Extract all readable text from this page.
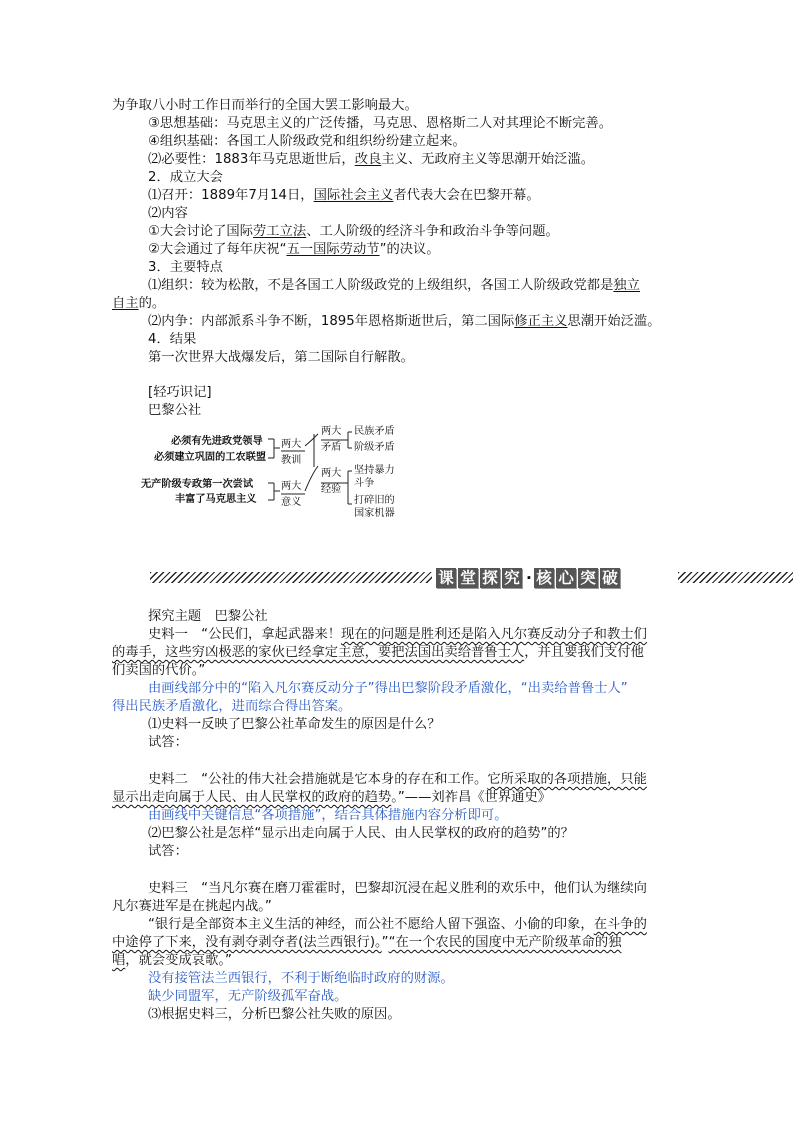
为争取八小时工作日而举行的全国大罢工影响最大。
③思想基础：马克思主义的广泛传播，马克思、恩格斯二人对其理论不断完善。
④组织基础：各国工人阶级政党和组织纷纷建立起来。
⑵必要性：1883年马克思逝世后，改良主义、无政府主义等思潮开始泛滥。
2．成立大会
⑴召开：1889年7月14日，国际社会主义者代表大会在巴黎开幕。
⑵内容
①大会讨论了国际劳工立法、工人阶级的经济斗争和政治斗争等问题。
②大会通过了每年庆祝“五一国际劳动节”的决议。
3．主要特点
⑴组织：较为松散，不是各国工人阶级政党的上级组织，各国工人阶级政党都是独立
自主的。
⑵内争：内部派系斗争不断，1895年恩格斯逝世后，第二国际修正主义思潮开始泛滥。
4．结果
第一次世界大战爆发后，第二国际自行解散。
[轻巧识记]
巴黎公社
必须有先进政党领导
必须建立巩固的工农联盟
无产阶级专政第一次尝试
丰富了马克思主义
两大
教训
两大
意义
两大
矛盾
两大
经验
民族矛盾
阶级矛盾
坚持暴力
斗争
打碎旧的
国家机器
课 堂 探 究 · 核 心 突 破
探究主题　巴黎公社
史料一　“公民们，拿起武器来！现在的问题是胜利还是陷入凡尔赛反动分子和教士们
的毒手，这些穷凶极恶的家伙已经拿定主意，要把法国出卖给普鲁士人，并且要我们支付他
们卖国的代价。”
由画线部分中的“陷入凡尔赛反动分子”得出巴黎阶段矛盾激化，“出卖给普鲁士人”
得出民族矛盾激化，进而综合得出答案。
⑴史料一反映了巴黎公社革命发生的原因是什么？
试答：
史料二　“公社的伟大社会措施就是它本身的存在和工作。它所采取的各项措施，只能
显示出走向属于人民、由人民掌权的政府的趋势。”——刘祚昌《世界通史》
由画线中关键信息“各项措施”，结合具体措施内容分析即可。
⑵巴黎公社是怎样“显示出走向属于人民、由人民掌权的政府的趋势”的？
试答：
史料三　“当凡尔赛在磨刀霍霍时，巴黎却沉浸在起义胜利的欢乐中，他们认为继续向
凡尔赛进军是在挑起内战。”
“银行是全部资本主义生活的神经，而公社不愿给人留下强盗、小偷的印象，在斗争的
中途停了下来，没有剥夺剥夺者(法兰西银行)。”“在一个农民的国度中无产阶级革命的独
唱，就会变成哀歌。”
没有接管法兰西银行，不利于断绝临时政府的财源。
缺少同盟军，无产阶级孤军奋战。
⑶根据史料三，分析巴黎公社失败的原因。
